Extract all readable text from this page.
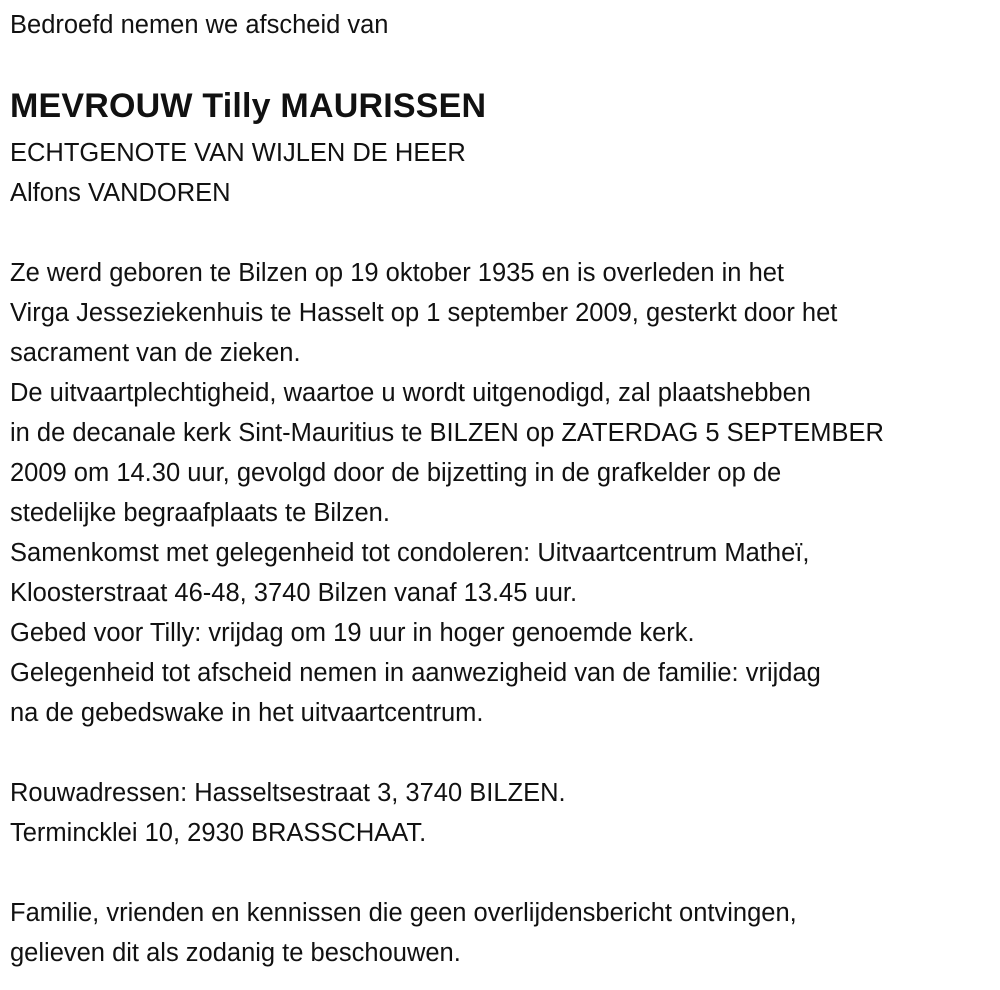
Bedroefd nemen we afscheid van
MEVROUW Tilly MAURISSEN
ECHTGENOTE VAN WIJLEN DE HEER
Alfons VANDOREN
Ze werd geboren te Bilzen op 19 oktober 1935 en is overleden in het
Virga Jesseziekenhuis te Hasselt op 1 september 2009, gesterkt door het
sacrament van de zieken.
De uitvaartplechtigheid, waartoe u wordt uitgenodigd, zal plaatshebben
in de decanale kerk Sint-Mauritius te BILZEN op ZATERDAG 5 SEPTEMBER
2009 om 14.30 uur, gevolgd door de bijzetting in de grafkelder op de
stedelijke begraafplaats te Bilzen.
Samenkomst met gelegenheid tot condoleren: Uitvaartcentrum Matheï,
Kloosterstraat 46-48, 3740 Bilzen vanaf 13.45 uur.
Gebed voor Tilly: vrijdag om 19 uur in hoger genoemde kerk.
Gelegenheid tot afscheid nemen in aanwezigheid van de familie: vrijdag
na de gebedswake in het uitvaartcentrum.
Rouwadressen: Hasseltsestraat 3, 3740 BILZEN.
Termincklei 10, 2930 BRASSCHAAT.
Familie, vrienden en kennissen die geen overlijdensbericht ontvingen,
gelieven dit als zodanig te beschouwen.
